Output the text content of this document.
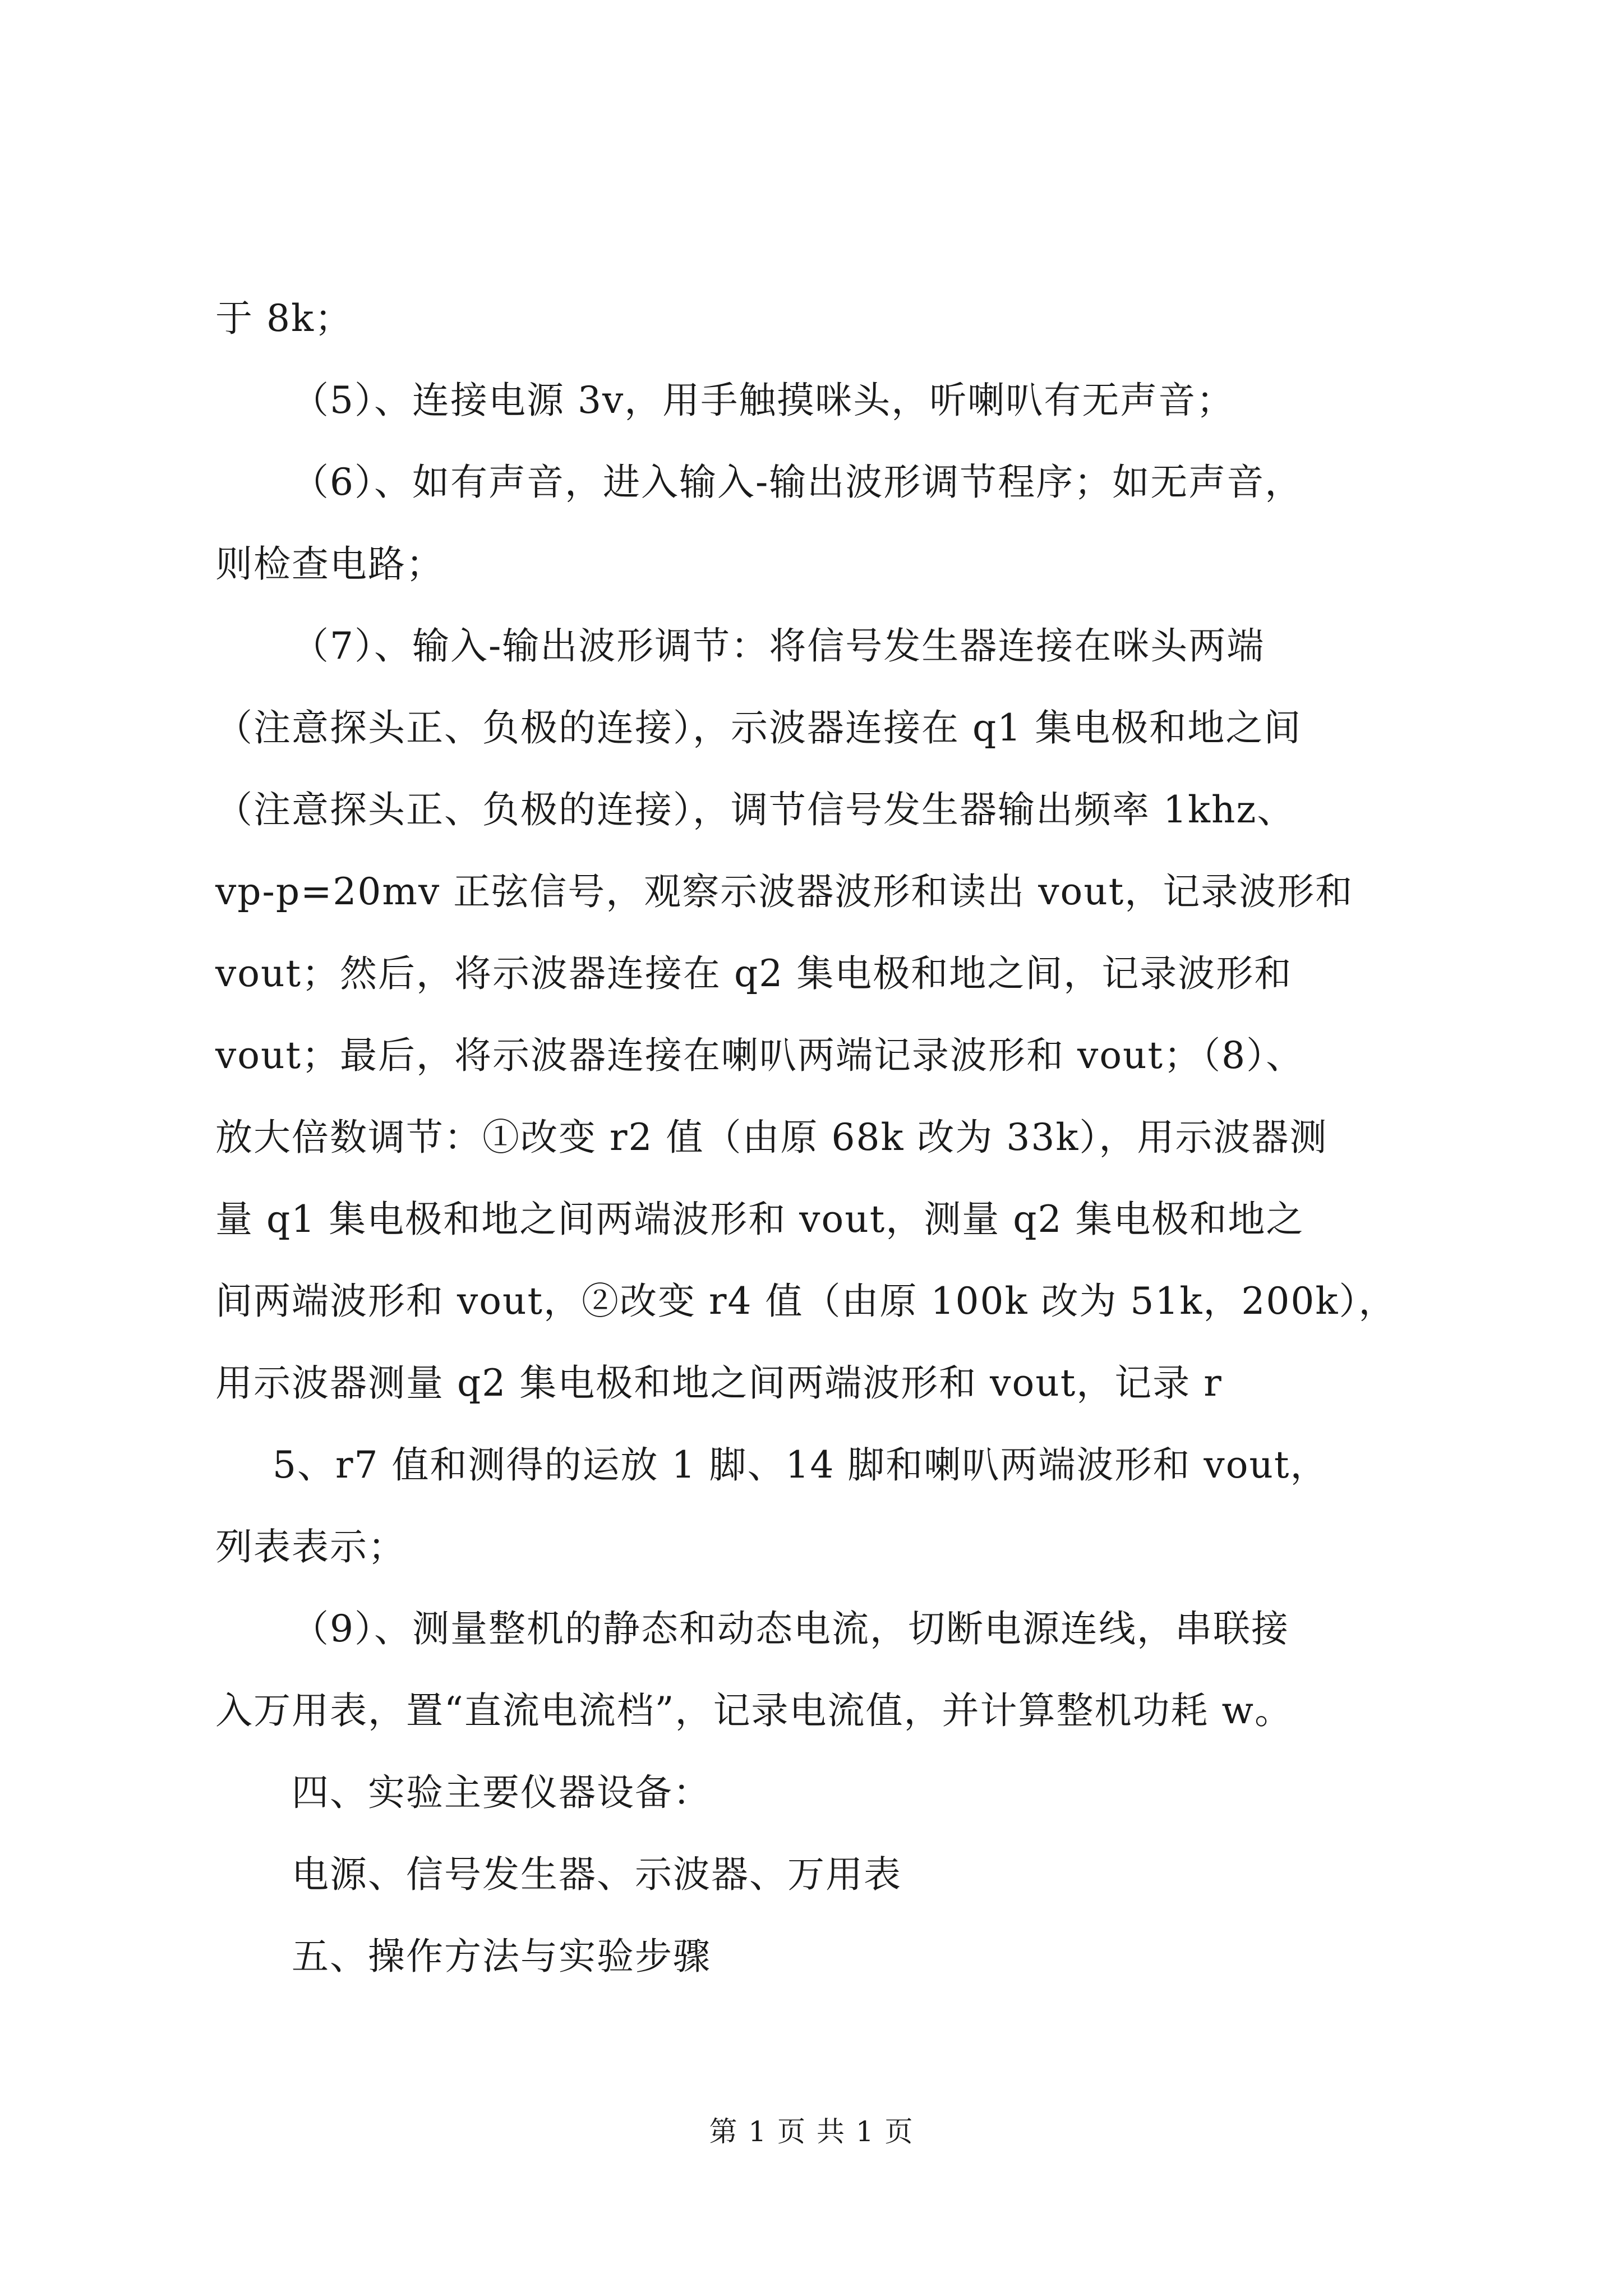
于 8k；

（5）、连接电源 3v，用手触摸咪头，听喇叭有无声音；

（6）、如有声音，进入输入-输出波形调节程序；如无声音，

则检查电路；

（7）、输入-输出波形调节：将信号发生器连接在咪头两端

（注意探头正、负极的连接），示波器连接在 q1 集电极和地之间

（注意探头正、负极的连接），调节信号发生器输出频率 1khz、

vp-p=20mv 正弦信号，观察示波器波形和读出 vout，记录波形和

vout；然后，将示波器连接在 q2 集电极和地之间，记录波形和

vout；最后，将示波器连接在喇叭两端记录波形和 vout；（8）、

放大倍数调节：①改变 r2 值（由原 68k 改为 33k），用示波器测

量 q1 集电极和地之间两端波形和 vout，测量 q2 集电极和地之

间两端波形和 vout，②改变 r4 值（由原 100k 改为 51k，200k），

用示波器测量 q2 集电极和地之间两端波形和 vout，记录 r

5、r7 值和测得的运放 1 脚、14 脚和喇叭两端波形和 vout，

列表表示；

（9）、测量整机的静态和动态电流，切断电源连线，串联接

入万用表，置“直流电流档”，记录电流值，并计算整机功耗 w。

四、实验主要仪器设备：

电源、信号发生器、示波器、万用表

五、操作方法与实验步骤

第 1 页 共 1 页
